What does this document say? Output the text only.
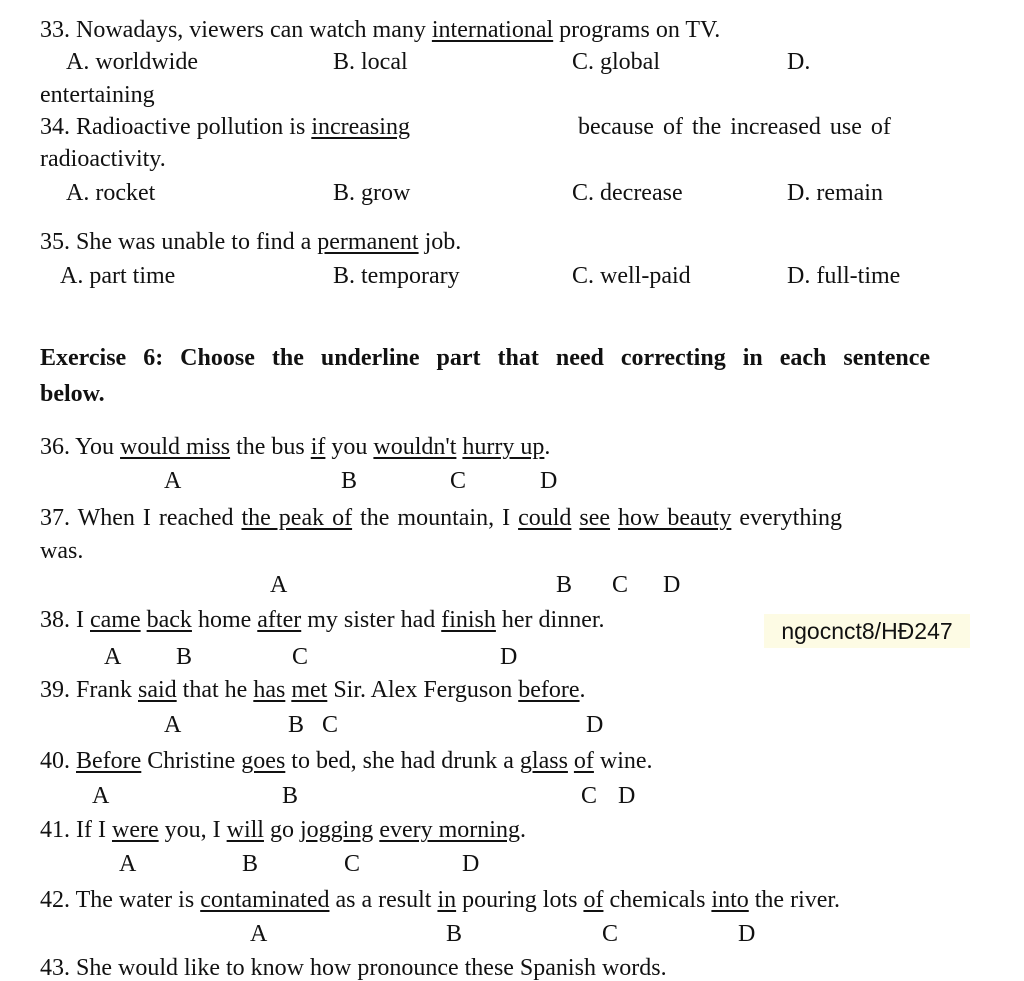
33. Nowadays, viewers can watch many international programs on TV.
A. worldwide	B. local	C. global	D.
entertaining
34. Radioactive pollution is increasing	because of the increased use of
radioactivity.
A. rocket	B. grow	C. decrease	D. remain
35. She was unable to find a permanent job.
A. part time	B. temporary	C. well-paid	D. full-time
Exercise 6: Choose the underline part that need correcting in each sentence
below.
36. You would miss the bus if you wouldn't hurry up.
A	B	C	D
37. When I reached the peak of the mountain, I could see how beauty everything
was.
A	B C D
38. I came back home after my sister had finish her dinner.
A B	C	D
ngocnct8/HĐ247
39. Frank said that he has met Sir. Alex Ferguson before.
A	B C	D
40. Before Christine goes to bed, she had drunk a glass of wine.
A	B	C D
41. If I were you, I will go jogging every morning.
A	B	C	D
42. The water is contaminated as a result in pouring lots of chemicals into the river.
A	B	C	D
43. She would like to know how pronounce these Spanish words.
